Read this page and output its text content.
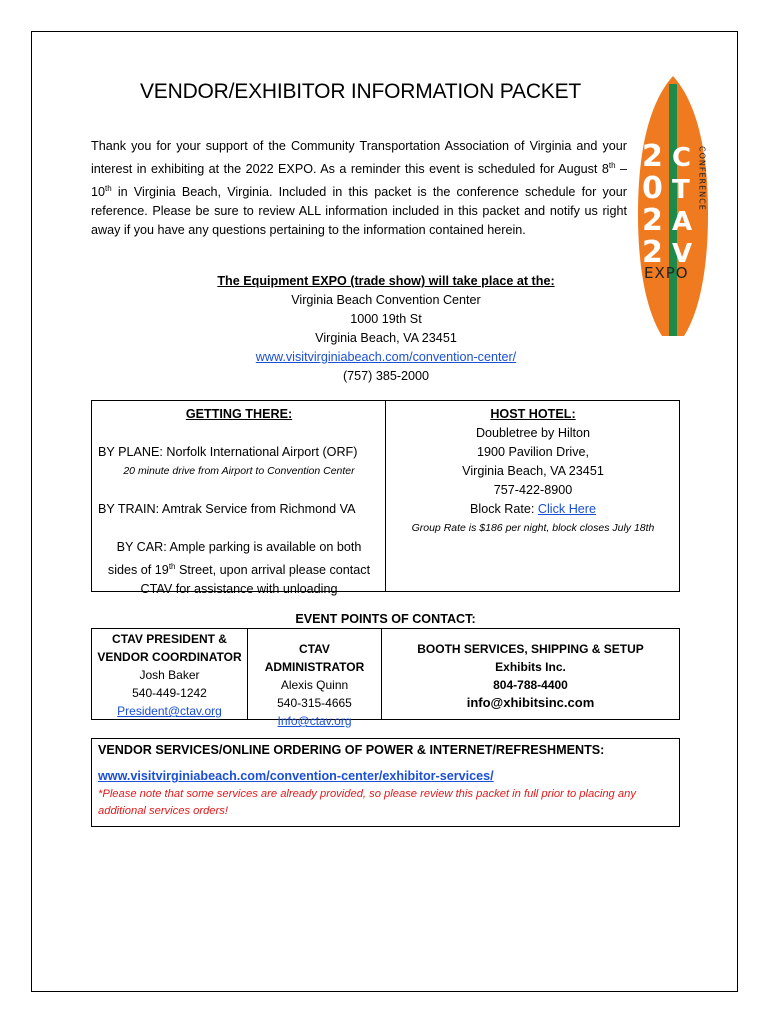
VENDOR/EXHIBITOR INFORMATION PACKET
Thank you for your support of the Community Transportation Association of Virginia and your interest in exhibiting at the 2022 EXPO. As a reminder this event is scheduled for August 8th – 10th in Virginia Beach, Virginia. Included in this packet is the conference schedule for your reference. Please be sure to review ALL information included in this packet and notify us right away if you have any questions pertaining to the information contained herein.
The Equipment EXPO (trade show) will take place at the:
Virginia Beach Convention Center
1000 19th St
Virginia Beach, VA 23451
www.visitvirginiabeach.com/convention-center/
(757) 385-2000
GETTING THERE:
BY PLANE: Norfolk International Airport (ORF)
20 minute drive from Airport to Convention Center
BY TRAIN: Amtrak Service from Richmond VA
BY CAR: Ample parking is available on both sides of 19th Street, upon arrival please contact CTAV for assistance with unloading
HOST HOTEL:
Doubletree by Hilton
1900 Pavilion Drive,
Virginia Beach, VA 23451
757-422-8900
Block Rate: Click Here
Group Rate is $186 per night, block closes July 18th
EVENT POINTS OF CONTACT:
CTAV PRESIDENT & VENDOR COORDINATOR
Josh Baker
540-449-1242
President@ctav.org
CTAV ADMINISTRATOR
Alexis Quinn
540-315-4665
Info@ctav.org
BOOTH SERVICES, SHIPPING & SETUP
Exhibits Inc.
804-788-4400
info@xhibitsinc.com
VENDOR SERVICES/ONLINE ORDERING OF POWER & INTERNET/REFRESHMENTS:
www.visitvirginiabeach.com/convention-center/exhibitor-services/
*Please note that some services are already provided, so please review this packet in full prior to placing any additional services orders!
2
0
2
2
C
T
A
V
CONFERENCE
EXPO
